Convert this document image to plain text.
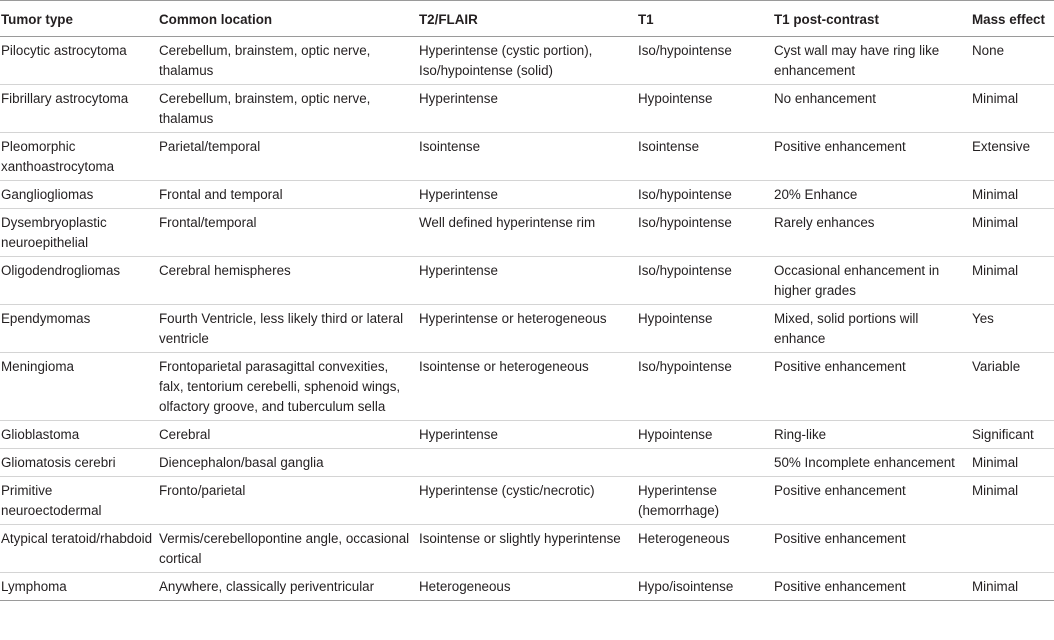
Tumor type	Common location	T2/FLAIR	T1	T1 post-contrast	Mass effect
Pilocytic astrocytoma	Cerebellum, brainstem, optic nerve, thalamus	Hyperintense (cystic portion), Iso/hypointense (solid)	Iso/hypointense	Cyst wall may have ring like enhancement	None
Fibrillary astrocytoma	Cerebellum, brainstem, optic nerve, thalamus	Hyperintense	Hypointense	No enhancement	Minimal
Pleomorphic xanthoastrocytoma	Parietal/temporal	Isointense	Isointense	Positive enhancement	Extensive
Gangliogliomas	Frontal and temporal	Hyperintense	Iso/hypointense	20% Enhance	Minimal
Dysembryoplastic neuroepithelial	Frontal/temporal	Well defined hyperintense rim	Iso/hypointense	Rarely enhances	Minimal
Oligodendrogliomas	Cerebral hemispheres	Hyperintense	Iso/hypointense	Occasional enhancement in higher grades	Minimal
Ependymomas	Fourth Ventricle, less likely third or lateral ventricle	Hyperintense or heterogeneous	Hypointense	Mixed, solid portions will enhance	Yes
Meningioma	Frontoparietal parasagittal convexities, falx, tentorium cerebelli, sphenoid wings, olfactory groove, and tuberculum sella	Isointense or heterogeneous	Iso/hypointense	Positive enhancement	Variable
Glioblastoma	Cerebral	Hyperintense	Hypointense	Ring-like	Significant
Gliomatosis cerebri	Diencephalon/basal ganglia			50% Incomplete enhancement	Minimal
Primitive neuroectodermal	Fronto/parietal	Hyperintense (cystic/necrotic)	Hyperintense (hemorrhage)	Positive enhancement	Minimal
Atypical teratoid/rhabdoid	Vermis/cerebellopontine angle, occasional cortical	Isointense or slightly hyperintense	Heterogeneous	Positive enhancement	
Lymphoma	Anywhere, classically periventricular	Heterogeneous	Hypo/isointense	Positive enhancement	Minimal
